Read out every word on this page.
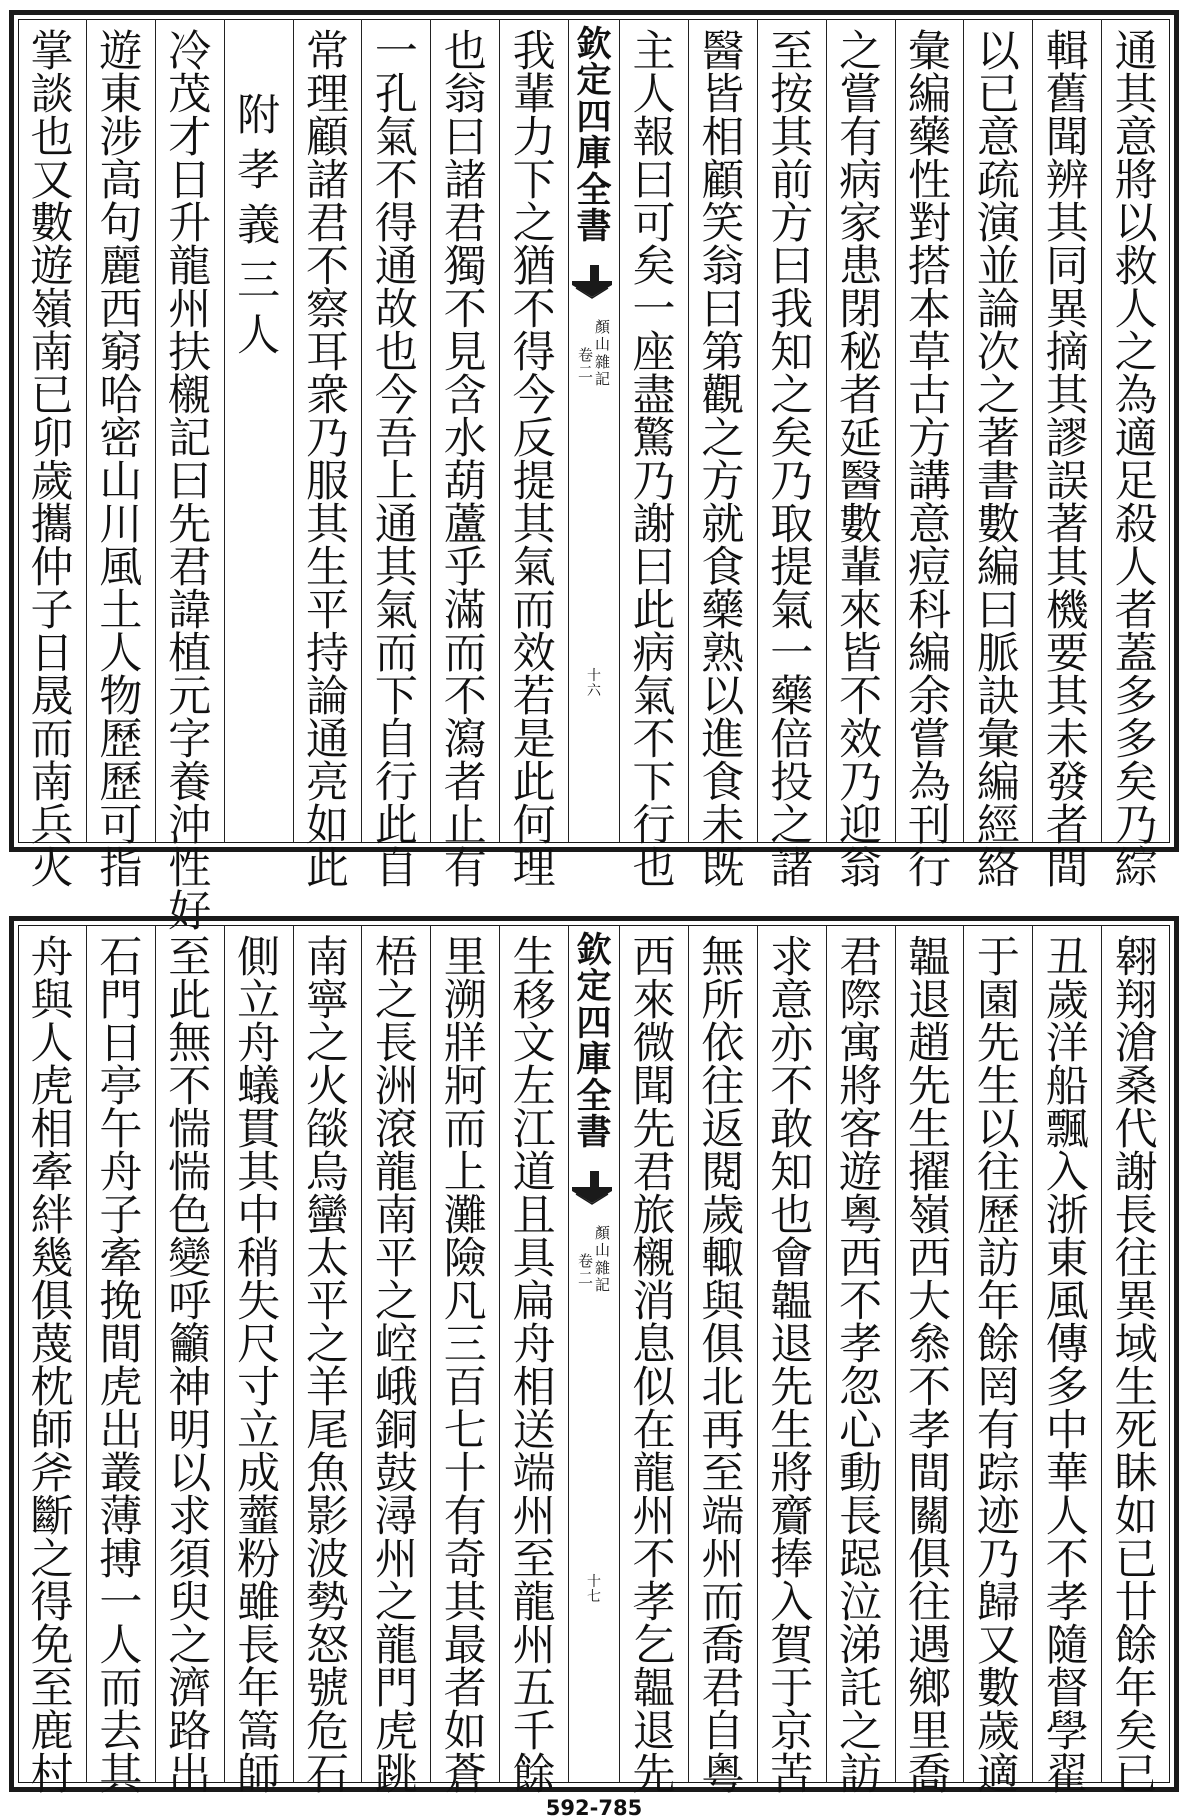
通
其
意
將
以
救
人
之
為
適
足
殺
人
者
蓋
多
多
矣
乃
綜
輯
舊
聞
辨
其
同
異
摘
其
謬
誤
著
其
機
要
其
未
發
者
間
以
已
意
疏
演
並
論
次
之
著
書
數
編
曰
脈
訣
彙
編
經
絡
彙
編
藥
性
對
搭
本
草
古
方
講
意
痘
科
編
余
嘗
為
刊
行
之
嘗
有
病
家
患
閉
秘
者
延
醫
數
輩
來
皆
不
效
乃
迎
翁
至
按
其
前
方
曰
我
知
之
矣
乃
取
提
氣
一
藥
倍
投
之
諸
醫
皆
相
顧
笑
翁
曰
第
觀
之
方
就
食
藥
熟
以
進
食
未
既
主
人
報
曰
可
矣
一
座
盡
驚
乃
謝
曰
此
病
氣
不
下
行
也
欽
定
四
庫
全
書
顏
山
雜
記
卷
二
十
六
我
輩
力
下
之
猶
不
得
今
反
提
其
氣
而
效
若
是
此
何
理
也
翁
曰
諸
君
獨
不
見
含
水
葫
蘆
乎
滿
而
不
瀉
者
止
有
一
孔
氣
不
得
通
故
也
今
吾
上
通
其
氣
而
下
自
行
此
自
常
理
顧
諸
君
不
察
耳
衆
乃
服
其
生
平
持
論
通
亮
如
此
附
孝
義
三
人
冷
茂
才
日
升
龍
州
扶
櫬
記
曰
先
君
諱
植
元
字
養
沖
性
好
遊
東
涉
高
句
麗
西
窮
哈
密
山
川
風
土
人
物
歷
歷
可
指
掌
談
也
又
數
遊
嶺
南
已
卯
歲
攜
仲
子
日
晟
而
南
兵
火
翱
翔
滄
桑
代
謝
長
往
異
域
生
死
眛
如
已
廿
餘
年
矣
已
丑
歲
洋
船
飄
入
浙
東
風
傳
多
中
華
人
不
孝
隨
督
學
翟
于
園
先
生
以
往
歷
訪
年
餘
罔
有
踪
迹
乃
歸
又
數
歲
適
韞
退
趙
先
生
擢
嶺
西
大
叅
不
孝
間
關
俱
往
遇
鄉
里
喬
君
際
寓
將
客
遊
粵
西
不
孝
忽
心
動
長
跽
泣
涕
託
之
訪
求
意
亦
不
敢
知
也
會
韞
退
先
生
將
齎
捧
入
賀
于
京
苦
無
所
依
往
返
閱
歲
輙
與
俱
北
再
至
端
州
而
喬
君
自
粵
西
來
微
聞
先
君
旅
櫬
消
息
似
在
龍
州
不
孝
乞
韞
退
先
欽
定
四
庫
全
書
顏
山
雜
記
卷
二
十
七
生
移
文
左
江
道
且
具
扁
舟
相
送
端
州
至
龍
州
五
千
餘
里
溯
牂
牁
而
上
灘
險
凡
三
百
七
十
有
奇
其
最
者
如
蒼
梧
之
長
洲
滾
龍
南
平
之
崆
峨
銅
鼓
潯
州
之
龍
門
虎
跳
南
寧
之
火
燄
烏
蠻
太
平
之
羊
尾
魚
影
波
勢
怒
號
危
石
側
立
舟
蟻
貫
其
中
稍
失
尺
寸
立
成
虀
粉
雖
長
年
篙
師
至
此
無
不
惴
惴
色
變
呼
籲
神
明
以
求
須
臾
之
濟
路
出
石
門
日
亭
午
舟
子
牽
挽
間
虎
出
叢
薄
搏
一
人
而
去
其
舟
與
人
虎
相
牽
絆
幾
俱
蔑
枕
師
斧
斷
之
得
免
至
鹿
村
592-785
